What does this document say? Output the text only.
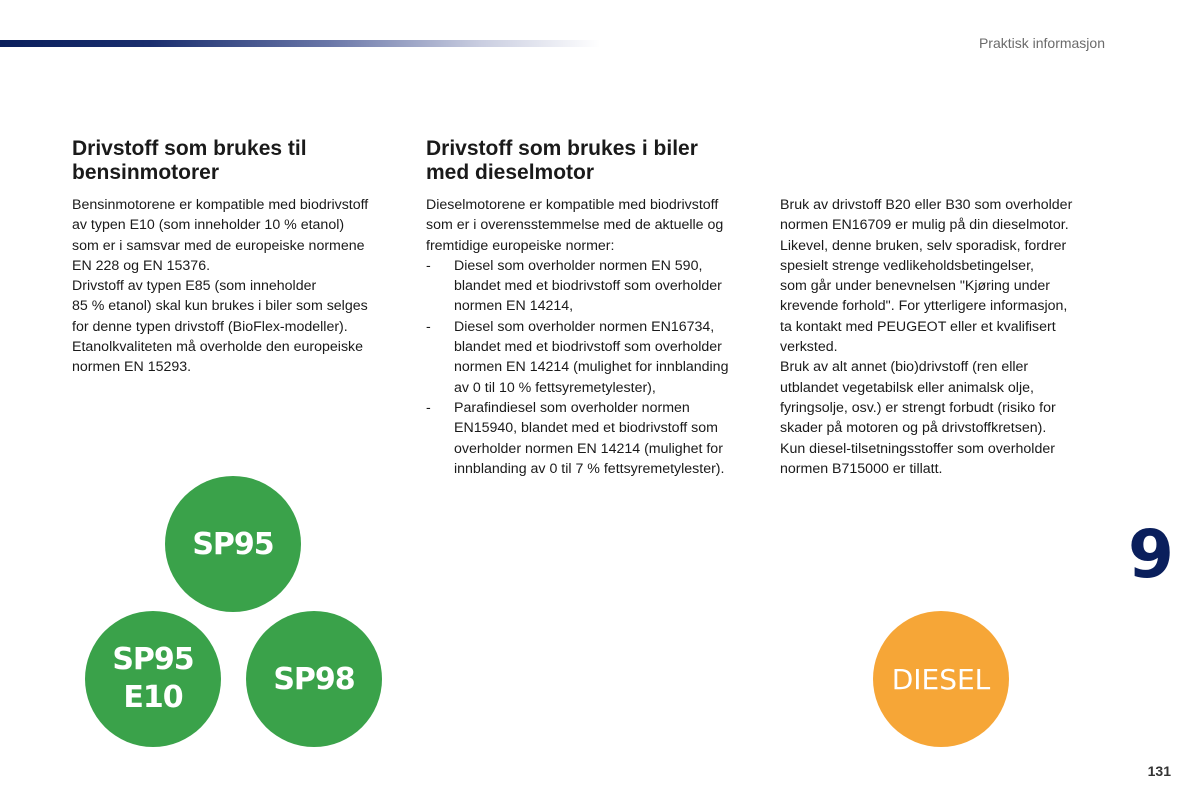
Praktisk informasjon
Drivstoff som brukes til
bensinmotorer

Bensinmotorene er kompatible med biodrivstoff

av typen E10 (som inneholder 10 % etanol)

som er i samsvar med de europeiske normene

EN 228 og EN 15376.

Drivstoff av typen E85 (som inneholder

85 % etanol) skal kun brukes i biler som selges

for denne typen drivstoff (BioFlex-modeller).

Etanolkvaliteten må overholde den europeiske

normen EN 15293.

Drivstoff som brukes i biler
med dieselmotor

Dieselmotorene er kompatible med biodrivstoff

som er i overensstemmelse med de aktuelle og

fremtidige europeiske normer:

- Diesel som overholder normen EN 590,
blandet med et biodrivstoff som overholder
normen EN 14214,
- Diesel som overholder normen EN16734,
blandet med et biodrivstoff som overholder
normen EN 14214 (mulighet for innblanding
av 0 til 10 % fettsyremetylester),
- Parafindiesel som overholder normen
EN15940, blandet med et biodrivstoff som
overholder normen EN 14214 (mulighet for
innblanding av 0 til 7 % fettsyremetylester).

Bruk av drivstoff B20 eller B30 som overholder

normen EN16709 er mulig på din dieselmotor.

Likevel, denne bruken, selv sporadisk, fordrer

spesielt strenge vedlikeholdsbetingelser,

som går under benevnelsen "Kjøring under

krevende forhold". For ytterligere informasjon,

ta kontakt med PEUGEOT eller et kvalifisert

verksted.

Bruk av alt annet (bio)drivstoff (ren eller

utblandet vegetabilsk eller animalsk olje,

fyringsolje, osv.) er strengt forbudt (risiko for

skader på motoren og på drivstoffkretsen).

Kun diesel-tilsetningsstoffer som overholder

normen B715000 er tillatt.

SP95
SP95
E10
SP98	DIESEL
9
131
